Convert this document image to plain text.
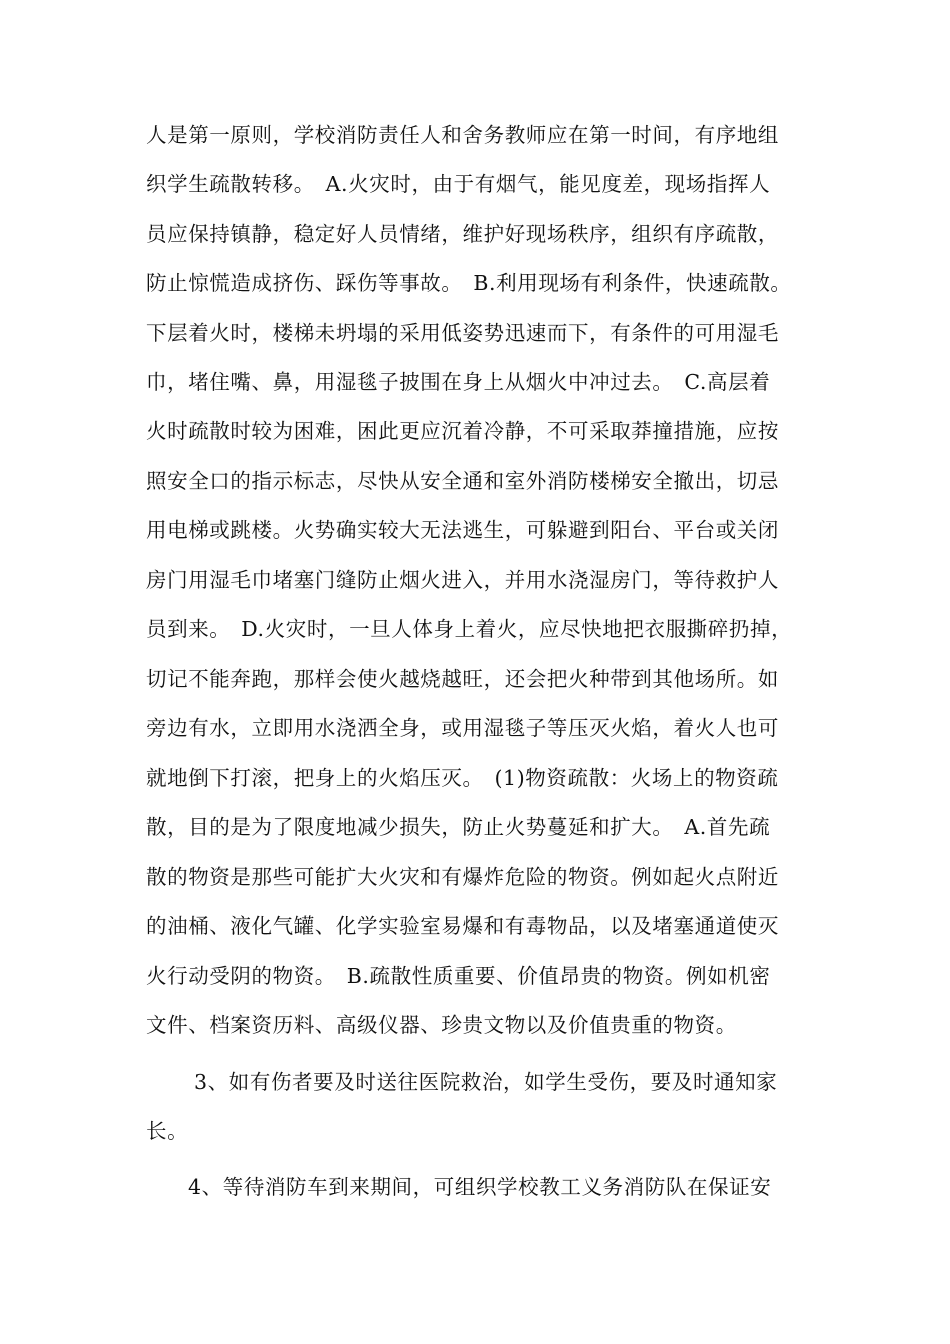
人是第一原则，学校消防责任人和舍务教师应在第一时间，有序地组
织学生疏散转移。　A.火灾时，由于有烟气，能见度差，现场指挥人
员应保持镇静，稳定好人员情绪，维护好现场秩序，组织有序疏散，
防止惊慌造成挤伤、踩伤等事故。　B.利用现场有利条件，快速疏散。
下层着火时，楼梯未坍塌的采用低姿势迅速而下，有条件的可用湿毛
巾，堵住嘴、鼻，用湿毯子披围在身上从烟火中冲过去。　C.高层着
火时疏散时较为困难，困此更应沉着冷静，不可采取莽撞措施，应按
照安全口的指示标志，尽快从安全通和室外消防楼梯安全撤出，切忌
用电梯或跳楼。火势确实较大无法逃生，可躲避到阳台、平台或关闭
房门用湿毛巾堵塞门缝防止烟火进入，并用水浇湿房门，等待救护人
员到来。　D.火灾时，一旦人体身上着火，应尽快地把衣服撕碎扔掉，
切记不能奔跑，那样会使火越烧越旺，还会把火种带到其他场所。如
旁边有水，立即用水浇洒全身，或用湿毯子等压灭火焰，着火人也可
就地倒下打滚，把身上的火焰压灭。　(1)物资疏散：火场上的物资疏
散，目的是为了限度地减少损失，防止火势蔓延和扩大。　A.首先疏
散的物资是那些可能扩大火灾和有爆炸危险的物资。例如起火点附近
的油桶、液化气罐、化学实验室易爆和有毒物品，以及堵塞通道使灭
火行动受阴的物资。　B.疏散性质重要、价值昂贵的物资。例如机密
文件、档案资历料、高级仪器、珍贵文物以及价值贵重的物资。
3、如有伤者要及时送往医院救治，如学生受伤，要及时通知家
长。
4、等待消防车到来期间，可组织学校教工义务消防队在保证安
